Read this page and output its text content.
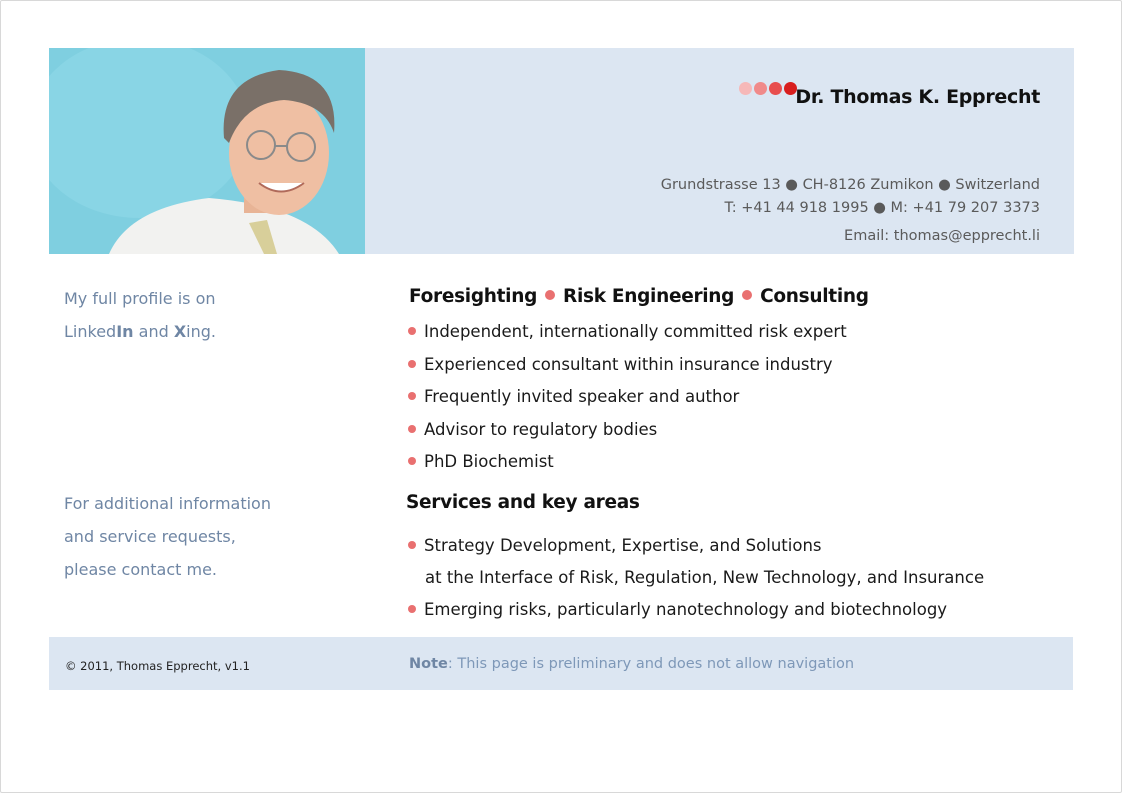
Dr. Thomas K. Epprecht
Grundstrasse 13 ● CH-8126 Zumikon ● Switzerland
T: +41 44 918 1995 ● M: +41 79 207 3373
Email: thomas@epprecht.li
My full profile is on
LinkedIn and Xing.
For additional information
and service requests,
please contact me.
Foresighting Risk Engineering Consulting
Independent, internationally committed risk expert
Experienced consultant within insurance industry
Frequently invited speaker and author
Advisor to regulatory bodies
PhD Biochemist
Services and key areas
Strategy Development, Expertise, and Solutions
at the Interface of Risk, Regulation, New Technology, and Insurance
Emerging risks, particularly nanotechnology and biotechnology
© 2011, Thomas Epprecht, v1.1	Note: This page is preliminary and does not allow navigation
